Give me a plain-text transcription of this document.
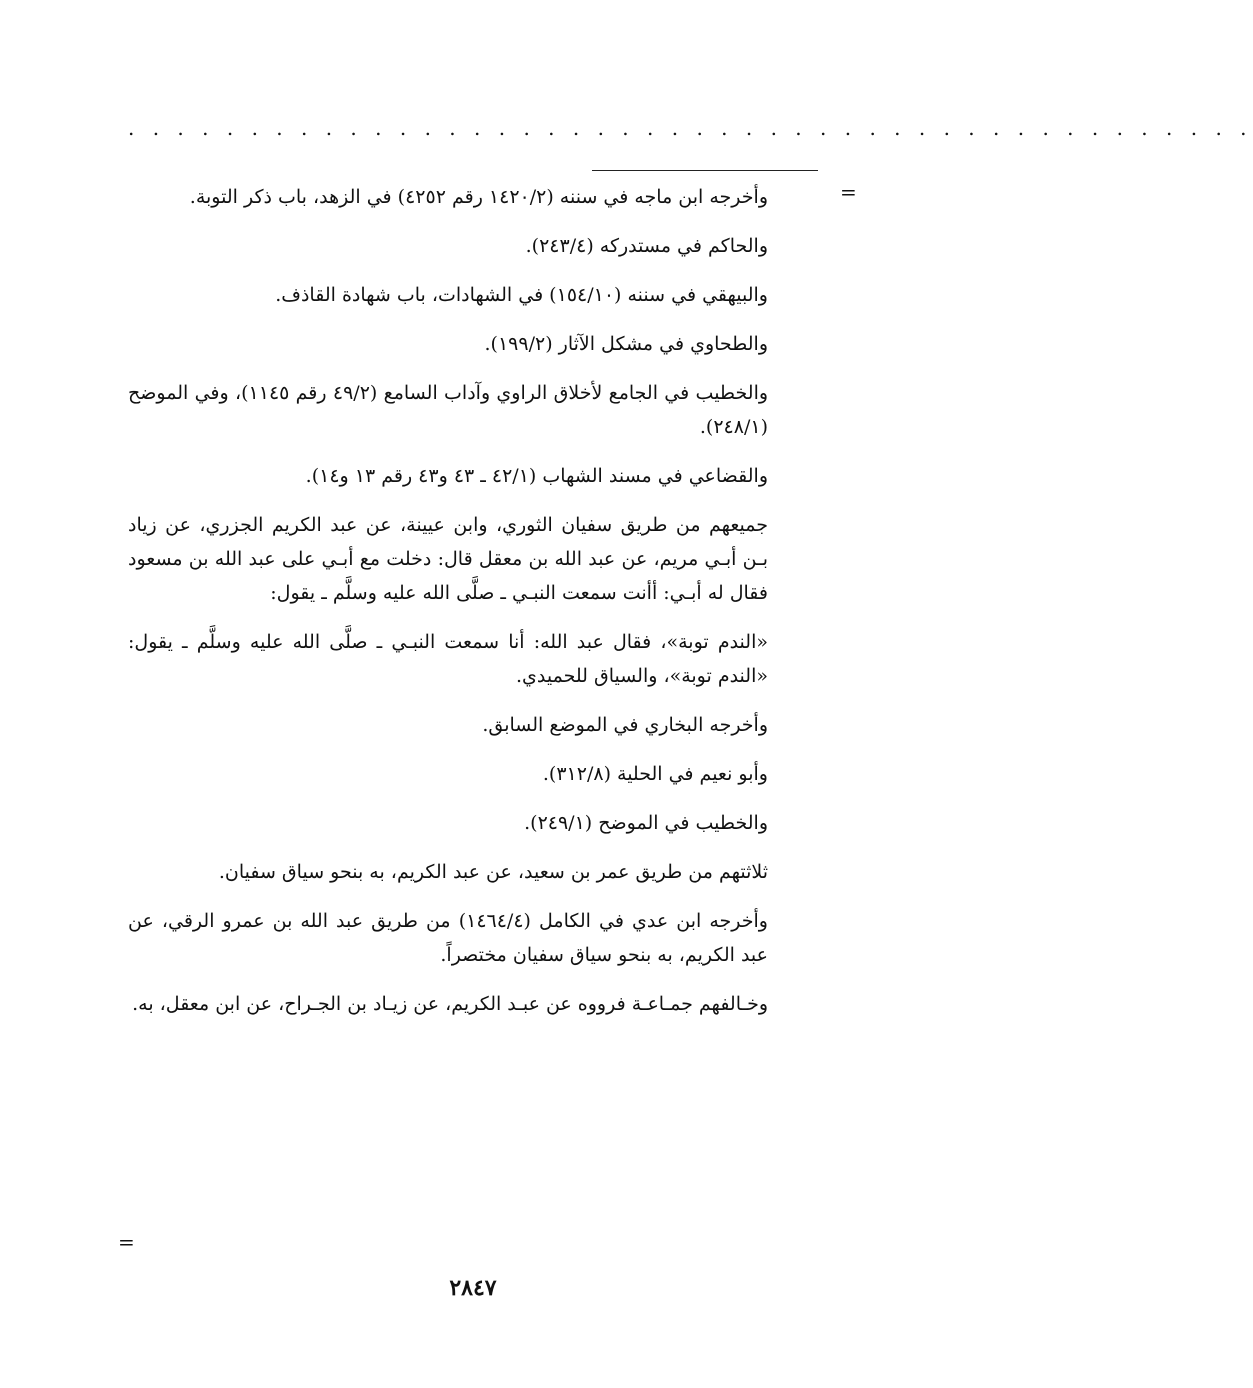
. . . . . . . . . . . . . . . . . . . . . . . . . . . . . . . . . . . . . . . . . . . . . .
=

وأخرجه ابن ماجه في سننه (١٤٢٠/٢ رقم ٤٢٥٢) في الزهد، باب ذكر التوبة.

والحاكم في مستدركه (٢٤٣/٤).

والبيهقي في سننه (١٥٤/١٠) في الشهادات، باب شهادة القاذف.

والطحاوي في مشكل الآثار (١٩٩/٢).

والخطيب في الجامع لأخلاق الراوي وآداب السامع (٤٩/٢ رقم ١١٤٥)، وفي الموضح (٢٤٨/١).

والقضاعي في مسند الشهاب (٤٢/١ ـ ٤٣ و٤٣ رقم ١٣ و١٤).

جميعهم من طريق سفيان الثوري، وابن عيينة، عن عبد الكريم الجزري، عن زياد بـن أبـي مريم، عن عبد الله بن معقل قال: دخلت مع أبـي على عبد الله بن مسعود فقال له أبـي: أأنت سمعت النبـي ـ صلَّى الله عليه وسلَّم ـ يقول:

«الندم توبة»، فقال عبد الله: أنا سمعت النبـي ـ صلَّى الله عليه وسلَّم ـ يقول: «الندم توبة»، والسياق للحميدي.

وأخرجه البخاري في الموضع السابق.

وأبو نعيم في الحلية (٣١٢/٨).

والخطيب في الموضح (٢٤٩/١).

ثلاثتهم من طريق عمر بن سعيد، عن عبد الكريم، به بنحو سياق سفيان.

وأخرجه ابن عدي في الكامل (١٤٦٤/٤) من طريق عبد الله بن عمرو الرقي، عن عبد الكريم، به بنحو سياق سفيان مختصراً.

وخـالفهم جمـاعـة فرووه عن عبـد الكريم، عن زيـاد بن الجـراح، عن ابن معقل، به.

=
٢٨٤٧
